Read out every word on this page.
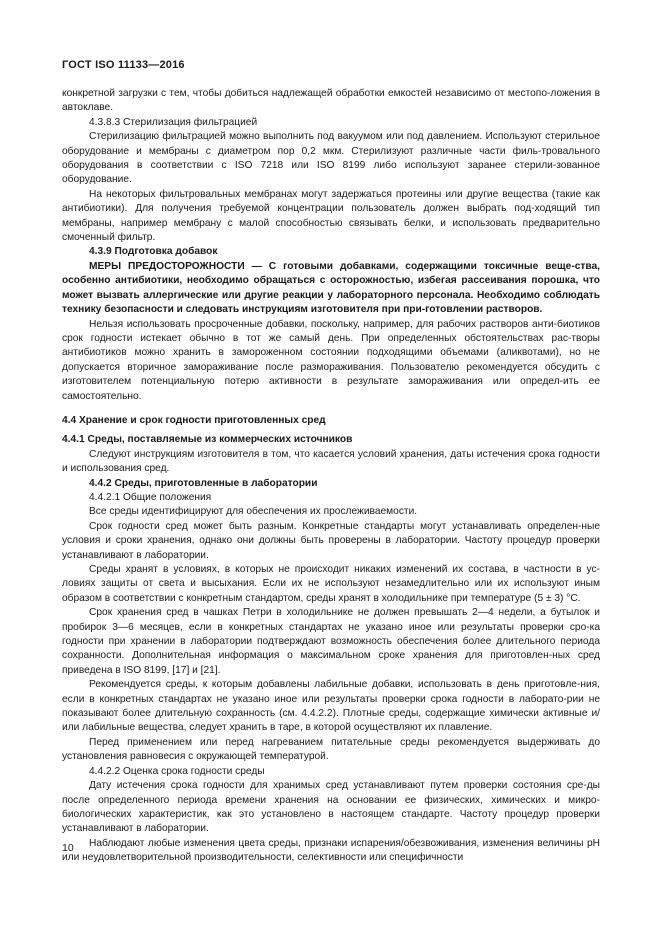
ГОСТ ISO 11133—2016

конкретной загрузки с тем, чтобы добиться надлежащей обработки емкостей независимо от местопо-ложения в автоклаве.

4.3.8.3 Стерилизация фильтрацией

Стерилизацию фильтрацией можно выполнить под вакуумом или под давлением. Используют стерильное оборудование и мембраны с диаметром пор 0,2 мкм. Стерилизуют различные части филь-тровального оборудования в соответствии с ISO 7218 или ISO 8199 либо используют заранее стерили-зованное оборудование.

На некоторых фильтровальных мембранах могут задержаться протеины или другие вещества (такие как антибиотики). Для получения требуемой концентрации пользователь должен выбрать под-ходящий тип мембраны, например мембрану с малой способностью связывать белки, и использовать предварительно смоченный фильтр.

4.3.9 Подготовка добавок

МЕРЫ ПРЕДОСТОРОЖНОСТИ — С готовыми добавками, содержащими токсичные веще-ства, особенно антибиотики, необходимо обращаться с осторожностью, избегая рассеивания порошка, что может вызвать аллергические или другие реакции у лабораторного персонала. Необходимо соблюдать технику безопасности и следовать инструкциям изготовителя при при-готовлении растворов.

Нельзя использовать просроченные добавки, поскольку, например, для рабочих растворов анти-биотиков срок годности истекает обычно в тот же самый день. При определенных обстоятельствах рас-творы антибиотиков можно хранить в замороженном состоянии подходящими объемами (аликвотами), но не допускается вторичное замораживание после размораживания. Пользователю рекомендуется обсудить с изготовителем потенциальную потерю активности в результате замораживания или определ-ить ее самостоятельно.

4.4 Хранение и срок годности приготовленных сред

4.4.1 Среды, поставляемые из коммерческих источников

Следуют инструкциям изготовителя в том, что касается условий хранения, даты истечения срока годности и использования сред.

4.4.2 Среды, приготовленные в лаборатории

4.4.2.1 Общие положения

Все среды идентифицируют для обеспечения их прослеживаемости.

Срок годности сред может быть разным. Конкретные стандарты могут устанавливать определен-ные условия и сроки хранения, однако они должны быть проверены в лаборатории. Частоту процедур проверки устанавливают в лаборатории.

Среды хранят в условиях, в которых не происходит никаких изменений их состава, в частности в ус-ловиях защиты от света и высыхания. Если их не используют незамедлительно или их используют иным образом в соответствии с конкретным стандартом, среды хранят в холодильнике при температуре (5 ± 3) °С.

Срок хранения сред в чашках Петри в холодильнике не должен превышать 2—4 недели, а бутылок и пробирок 3—6 месяцев, если в конкретных стандартах не указано иное или результаты проверки сро-ка годности при хранении в лаборатории подтверждают возможность обеспечения более длительного периода сохранности. Дополнительная информация о максимальном сроке хранения для приготовлен-ных сред приведена в ISO 8199, [17] и [21].

Рекомендуется среды, к которым добавлены лабильные добавки, использовать в день приготовле-ния, если в конкретных стандартах не указано иное или результаты проверки срока годности в лаборато-рии не показывают более длительную сохранность (см. 4.4.2.2). Плотные среды, содержащие химически активные и/или лабильные вещества, следует хранить в таре, в которой осуществляют их плавление.

Перед применением или перед нагреванием питательные среды рекомендуется выдерживать до установления равновесия с окружающей температурой.

4.4.2.2 Оценка срока годности среды

Дату истечения срока годности для хранимых сред устанавливают путем проверки состояния сре-ды после определенного периода времени хранения на основании ее физических, химических и микро-биологических характеристик, как это установлено в настоящем стандарте. Частоту процедур проверки устанавливают в лаборатории.

Наблюдают любые изменения цвета среды, признаки испарения/обезвоживания, изменения величины pH или неудовлетворительной производительности, селективности или специфичности

10
